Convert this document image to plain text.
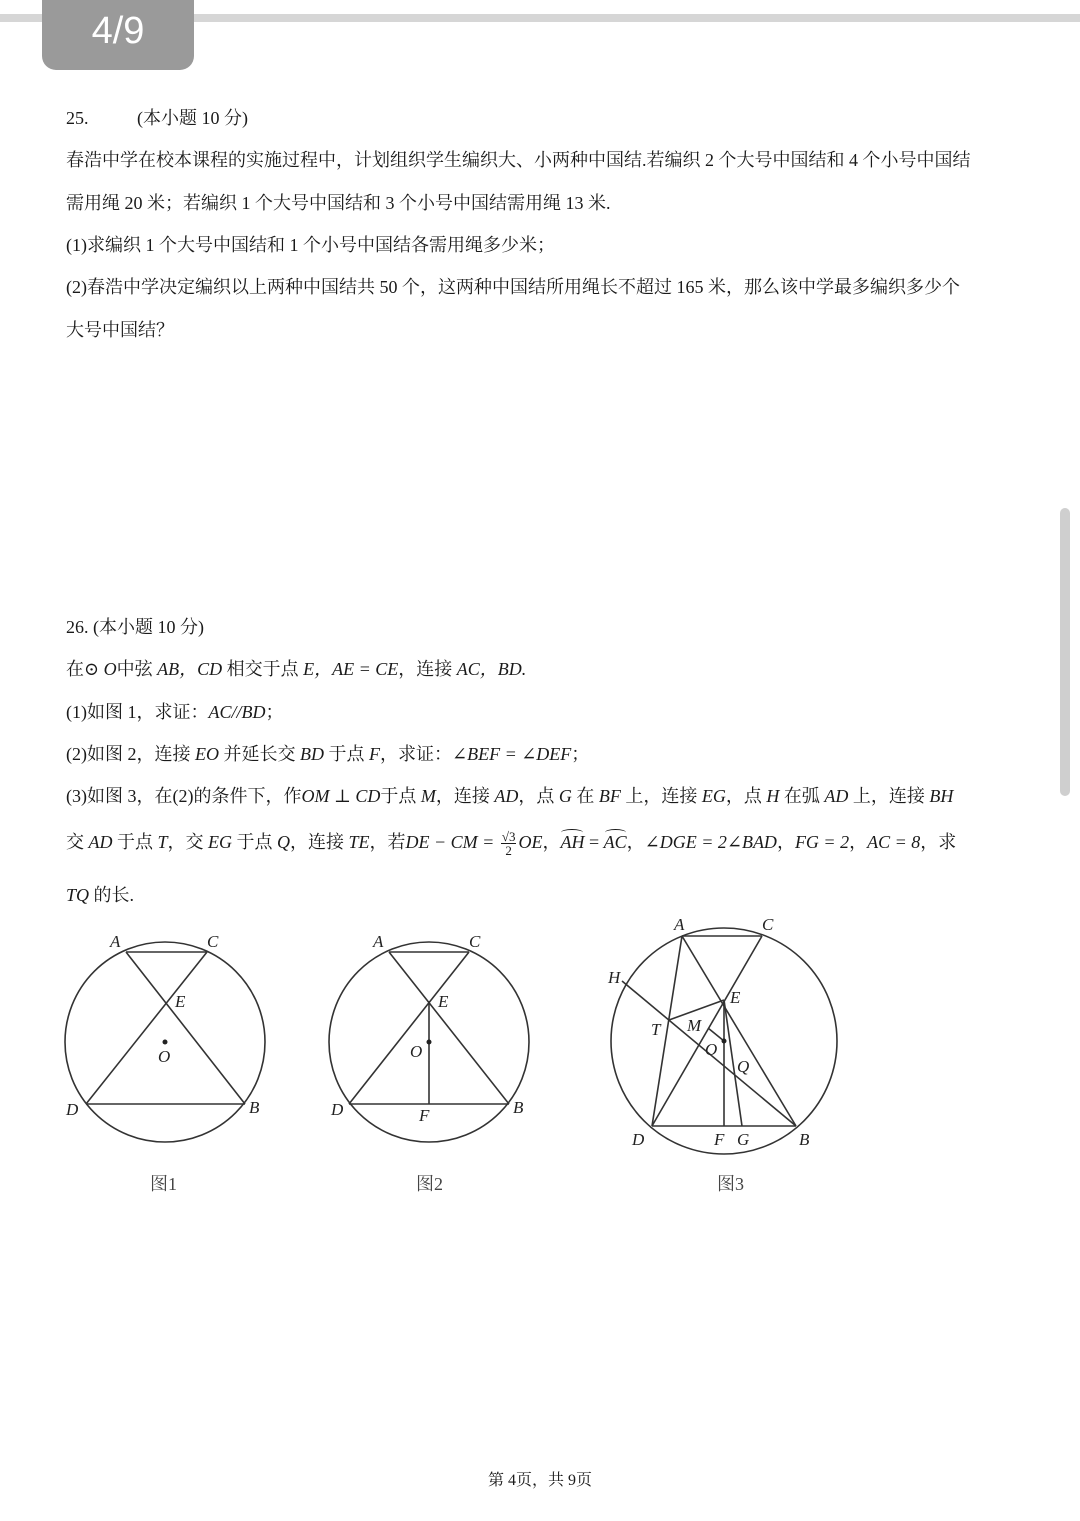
4/9
25.	(本小题 10 分)
春浩中学在校本课程的实施过程中，计划组织学生编织大、小两种中国结.若编织 2 个大号中国结和 4 个小号中国结
需用绳 20 米；若编织 1 个大号中国结和 3 个小号中国结需用绳 13 米.
(1)求编织 1 个大号中国结和 1 个小号中国结各需用绳多少米；
(2)春浩中学决定编织以上两种中国结共 50 个，这两种中国结所用绳长不超过 165 米，那么该中学最多编织多少个
大号中国结？
26. (本小题 10 分)
在⊙ O中弦 AB，CD 相交于点 E，AE = CE，连接 AC，BD.
(1)如图 1，求证：AC//BD；
(2)如图 2，连接 EO 并延长交 BD 于点 F，求证：∠BEF = ∠DEF；
(3)如图 3，在(2)的条件下，作OM ⊥ CD于点 M，连接 AD，点 G 在 BF 上，连接 EG，点 H 在弧 AD 上，连接 BH
交 AD 于点 T，交 EG 于点 Q，连接 TE，若DE − CM = $\frac{√3}{2}$ OE，AH = AC，∠DGE = 2∠BAD，FG = 2，AC = 8，求
TQ 的长.
A	C
E
O
D	B
图1
A	C
E
O
D	F	B
图2
A	C
H
E
T M
O
Q
D	F G	B
图3
第 4页，共 9页
